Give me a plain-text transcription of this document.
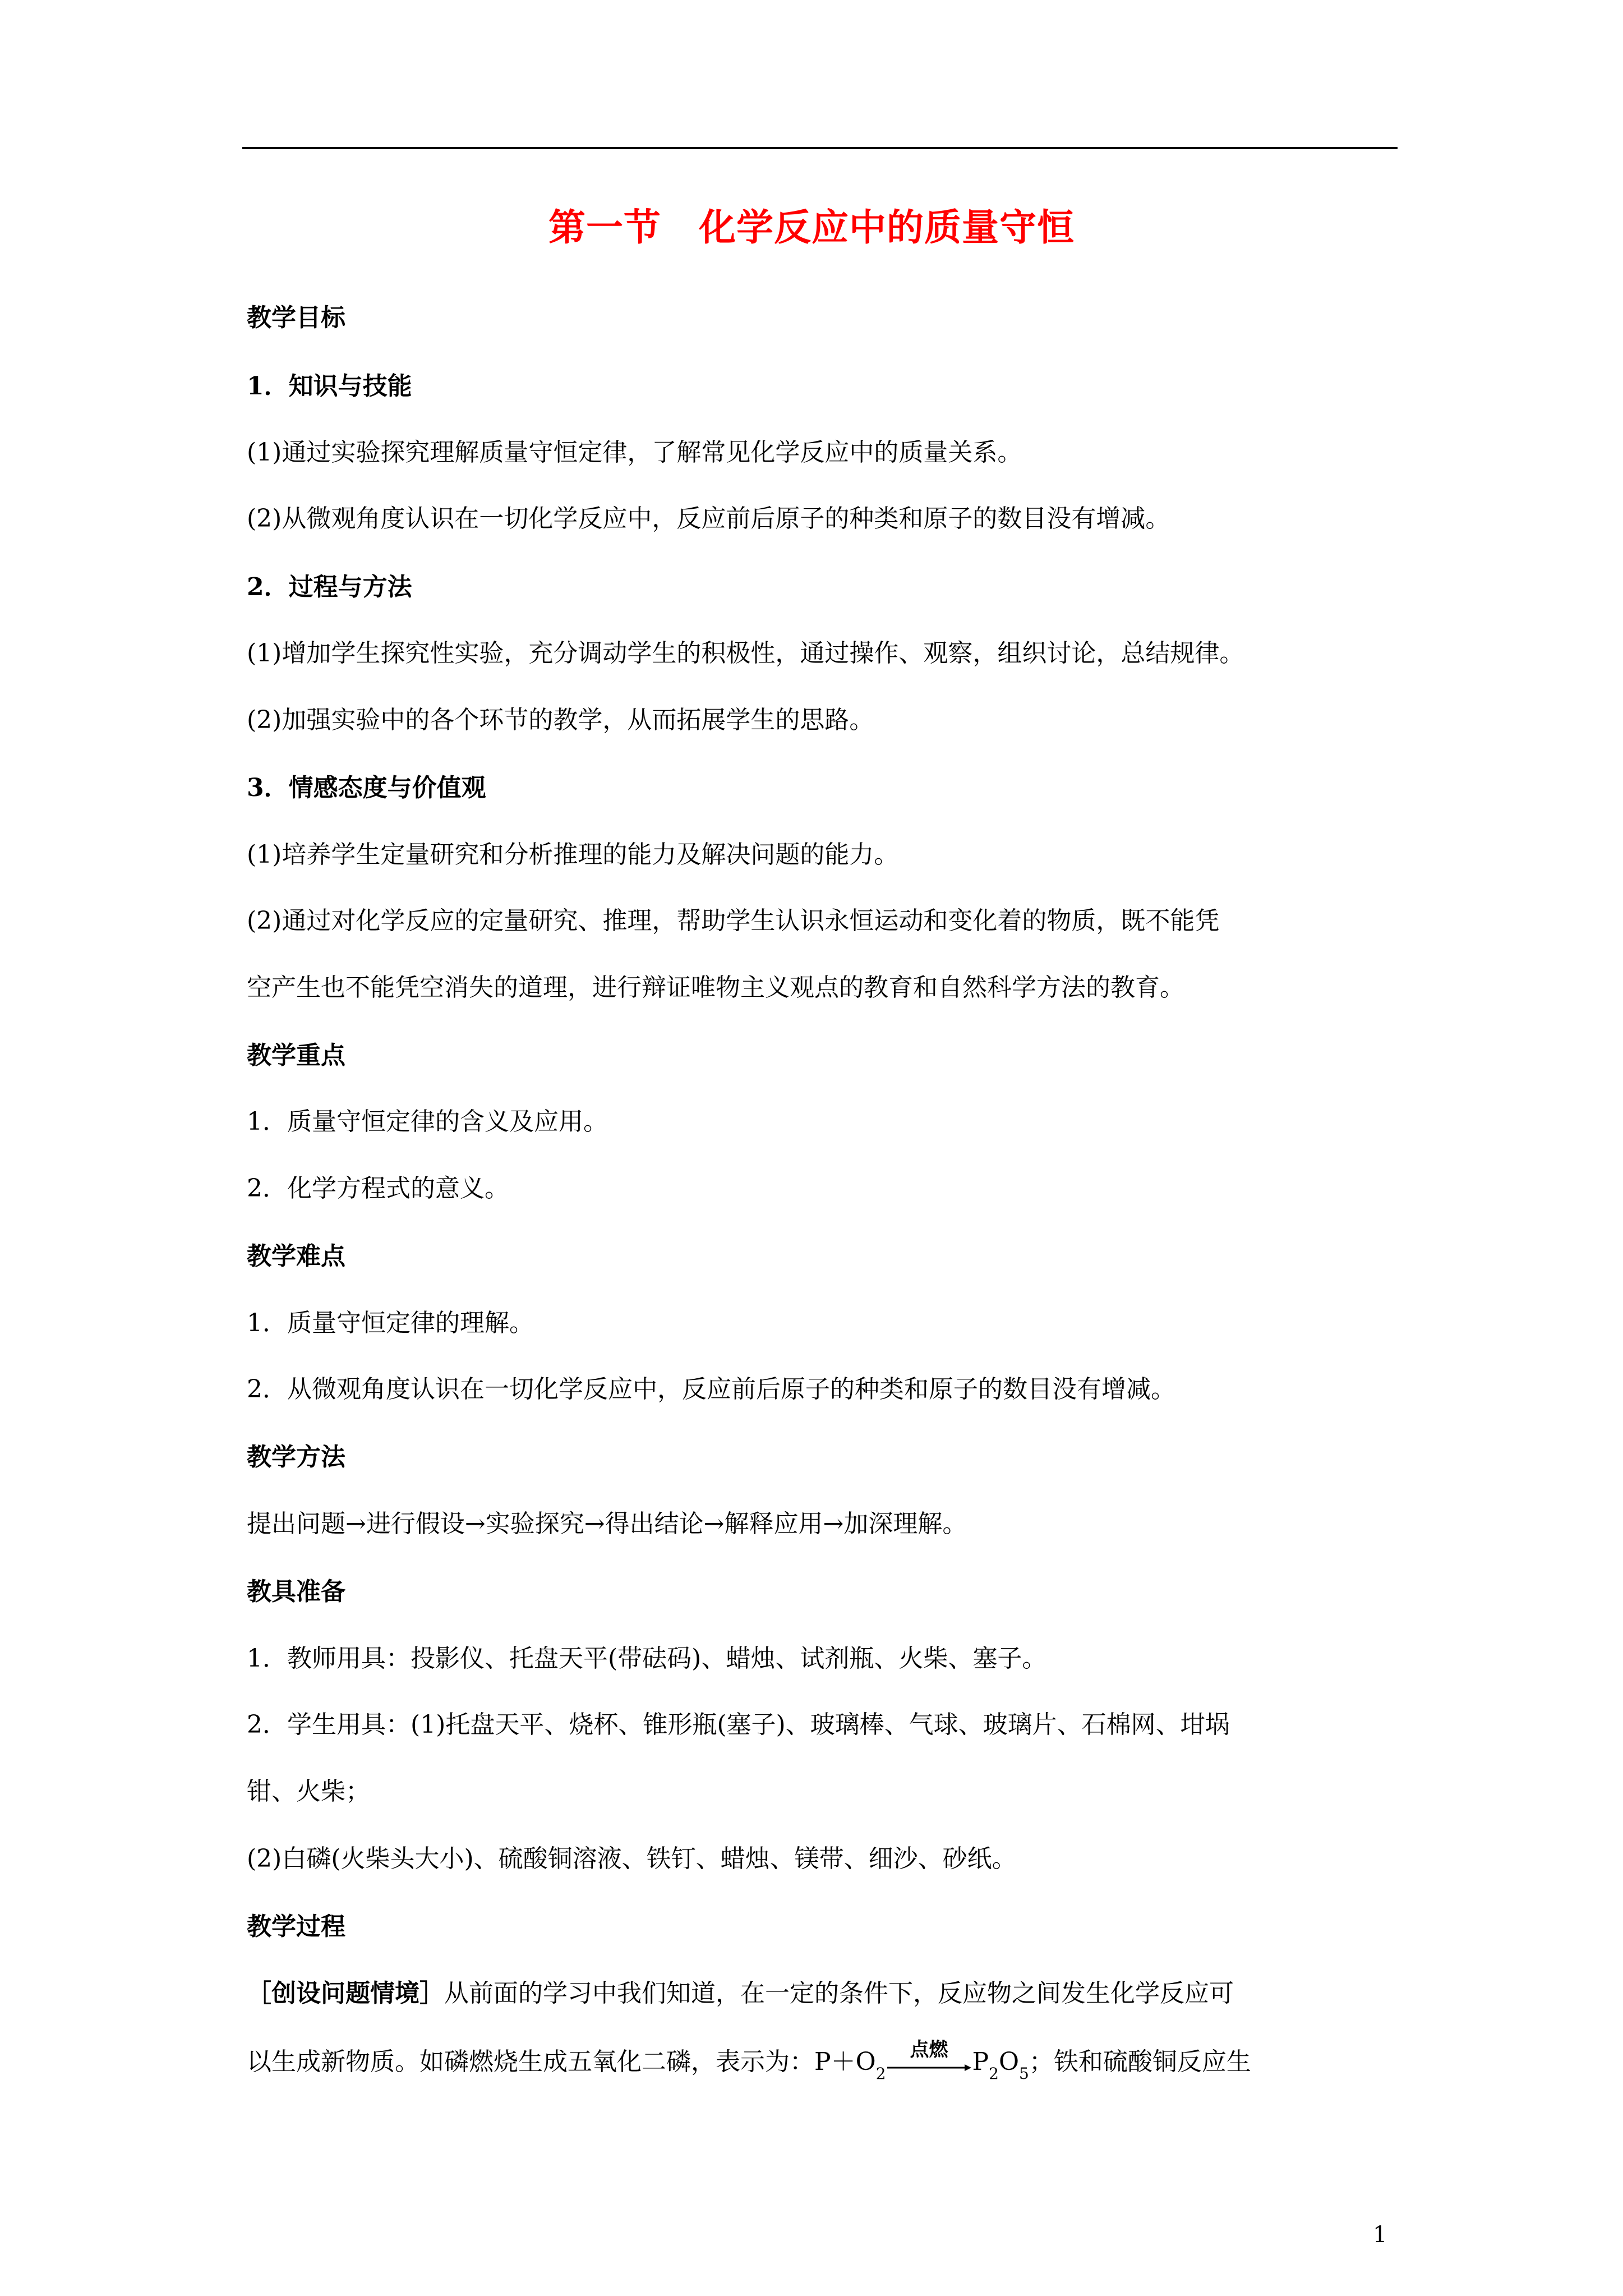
第一节　化学反应中的质量守恒

教学目标

1．知识与技能

(1)通过实验探究理解质量守恒定律，了解常见化学反应中的质量关系。

(2)从微观角度认识在一切化学反应中，反应前后原子的种类和原子的数目没有增减。

2．过程与方法

(1)增加学生探究性实验，充分调动学生的积极性，通过操作、观察，组织讨论，总结规律。

(2)加强实验中的各个环节的教学，从而拓展学生的思路。

3．情感态度与价值观

(1)培养学生定量研究和分析推理的能力及解决问题的能力。

(2)通过对化学反应的定量研究、推理，帮助学生认识永恒运动和变化着的物质，既不能凭

空产生也不能凭空消失的道理，进行辩证唯物主义观点的教育和自然科学方法的教育。

教学重点

1．质量守恒定律的含义及应用。

2．化学方程式的意义。

教学难点

1．质量守恒定律的理解。

2．从微观角度认识在一切化学反应中，反应前后原子的种类和原子的数目没有增减。

教学方法

提出问题→进行假设→实验探究→得出结论→解释应用→加深理解。

教具准备

1．教师用具：投影仪、托盘天平(带砝码)、蜡烛、试剂瓶、火柴、塞子。

2．学生用具：(1)托盘天平、烧杯、锥形瓶(塞子)、玻璃棒、气球、玻璃片、石棉网、坩埚

钳、火柴；

(2)白磷(火柴头大小)、硫酸铜溶液、铁钉、蜡烛、镁带、细沙、砂纸。

教学过程

［创设问题情境］从前面的学习中我们知道，在一定的条件下，反应物之间发生化学反应可

以生成新物质。如磷燃烧生成五氧化二磷，表示为：$P+O_2$
点燃 $P_2O_5$；铁和硫酸铜反应生

1
